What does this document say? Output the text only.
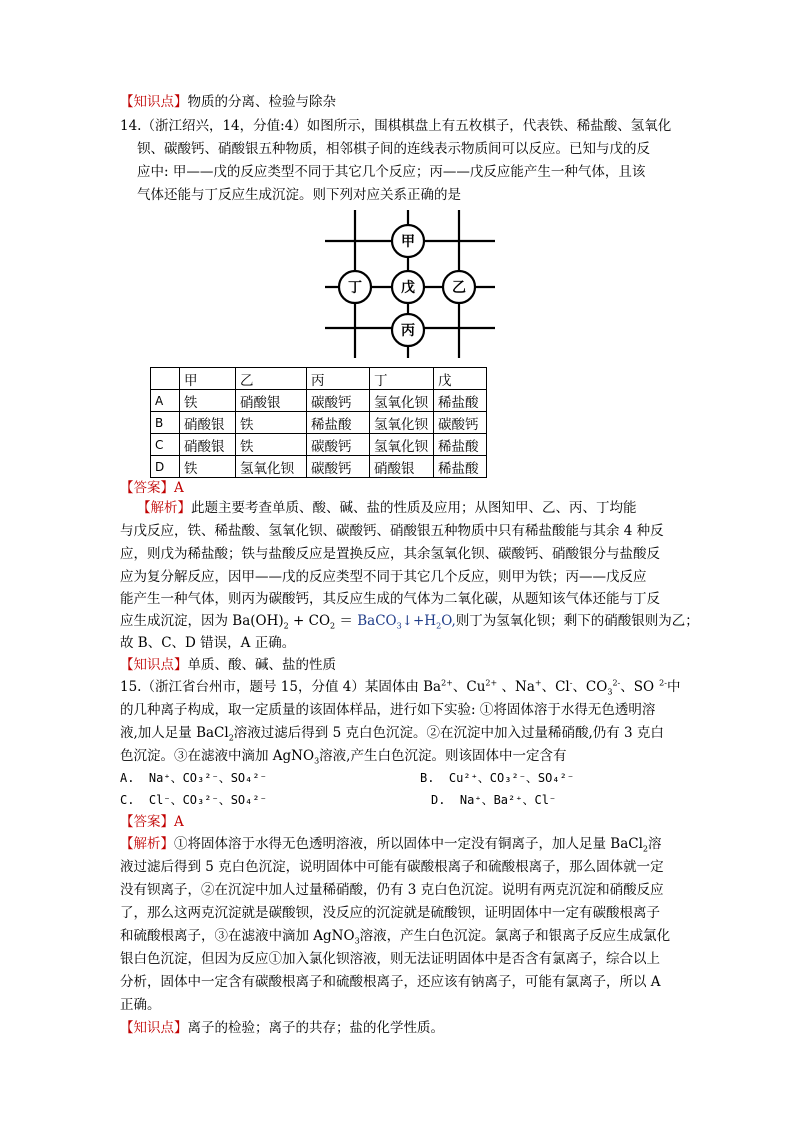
【知识点】物质的分离、检验与除杂
14.（浙江绍兴，14，分值:4）如图所示，围棋棋盘上有五枚棋子，代表铁、稀盐酸、氢氧化
钡、碳酸钙、硝酸银五种物质，相邻棋子间的连线表示物质间可以反应。已知与戊的反
应中: 甲——戊的反应类型不同于其它几个反应；丙——戊反应能产生一种气体，且该
气体还能与丁反应生成沉淀。则下列对应关系正确的是
甲
丁	戊	乙
丙
	甲	乙	丙	丁	戊
A	铁	硝酸银	碳酸钙	氢氧化钡	稀盐酸
B	硝酸银	铁	稀盐酸	氢氧化钡	碳酸钙
C	硝酸银	铁	碳酸钙	氢氧化钡	稀盐酸
D	铁	氢氧化钡	碳酸钙	硝酸银	稀盐酸
【答案】A
【解析】此题主要考查单质、酸、碱、盐的性质及应用；从图知甲、乙、丙、丁均能
与戊反应，铁、稀盐酸、氢氧化钡、碳酸钙、硝酸银五种物质中只有稀盐酸能与其余 4 种反
应，则戊为稀盐酸；铁与盐酸反应是置换反应，其余氢氧化钡、碳酸钙、硝酸银分与盐酸反
应为复分解反应，因甲——戊的反应类型不同于其它几个反应，则甲为铁；丙——戊反应
能产生一种气体，则丙为碳酸钙，其反应生成的气体为二氧化碳，从题知该气体还能与丁反
应生成沉淀，因为 $Ba(OH)_2 + CO_2$ ＝ $BaCO_3↓+H_2O$,则丁为氢氧化钡；剩下的硝酸银则为乙；
故 B、C、D 错误，A 正确。
【知识点】单质、酸、碱、盐的性质
15.（浙江省台州市，题号 15，分值 4）某固体由 $Ba^{2+}$、$Cu^{2+}$ 、Na+、Cl-、$CO_3^{2-}$、SO $^{2-}$中
的几种离子构成，取一定质量的该固体样品，进行如下实验: ①将固体溶于水得无色透明溶
液,加人足量 BaCl$_2$溶液过滤后得到 5 克白色沉淀。②在沉淀中加入过量稀硝酸,仍有 3 克白
色沉淀。③在滤液中滴加 AgNO$_3$溶液,产生白色沉淀。则该固体中一定含有
A. Na⁺、CO₃²⁻、SO₄²⁻	B. Cu²⁺、CO₃²⁻、SO₄²⁻
C. Cl⁻、CO₃²⁻、SO₄²⁻	D. Na⁺、Ba²⁺、Cl⁻
【答案】A
【解析】①将固体溶于水得无色透明溶液，所以固体中一定没有铜离子，加人足量 BaCl$_2$溶
液过滤后得到 5 克白色沉淀，说明固体中可能有碳酸根离子和硫酸根离子，那么固体就一定
没有钡离子，②在沉淀中加人过量稀硝酸，仍有 3 克白色沉淀。说明有两克沉淀和硝酸反应
了，那么这两克沉淀就是碳酸钡，没反应的沉淀就是硫酸钡，证明固体中一定有碳酸根离子
和硫酸根离子，③在滤液中滴加 AgNO$_3$溶液，产生白色沉淀。氯离子和银离子反应生成氯化
银白色沉淀，但因为反应①加入氯化钡溶液，则无法证明固体中是否含有氯离子，综合以上
分析，固体中一定含有碳酸根离子和硫酸根离子，还应该有钠离子，可能有氯离子，所以 A
正确。
【知识点】离子的检验；离子的共存；盐的化学性质。
